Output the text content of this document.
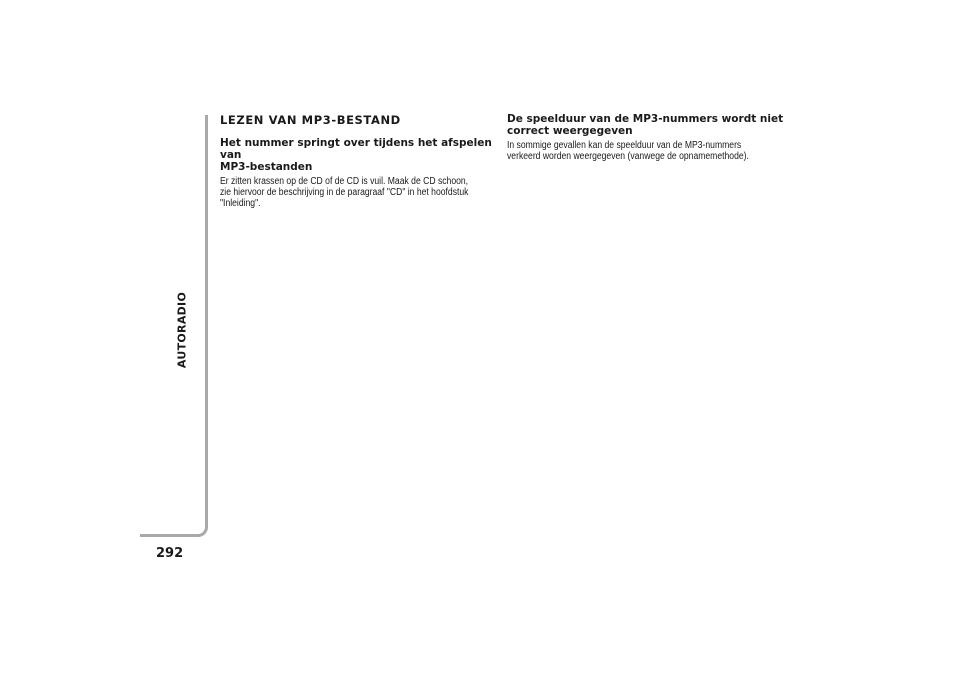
AUTORADIO
292
LEZEN VAN MP3-BESTAND
Het nummer springt over tijdens het afspelen van
MP3-bestanden
Er zitten krassen op de CD of de CD is vuil. Maak de CD schoon,
zie hiervoor de beschrijving in de paragraaf "CD" in het hoofdstuk
"Inleiding".
De speelduur van de MP3-nummers wordt niet
correct weergegeven
In sommige gevallen kan de speelduur van de MP3-nummers
verkeerd worden weergegeven (vanwege de opnamemethode).
